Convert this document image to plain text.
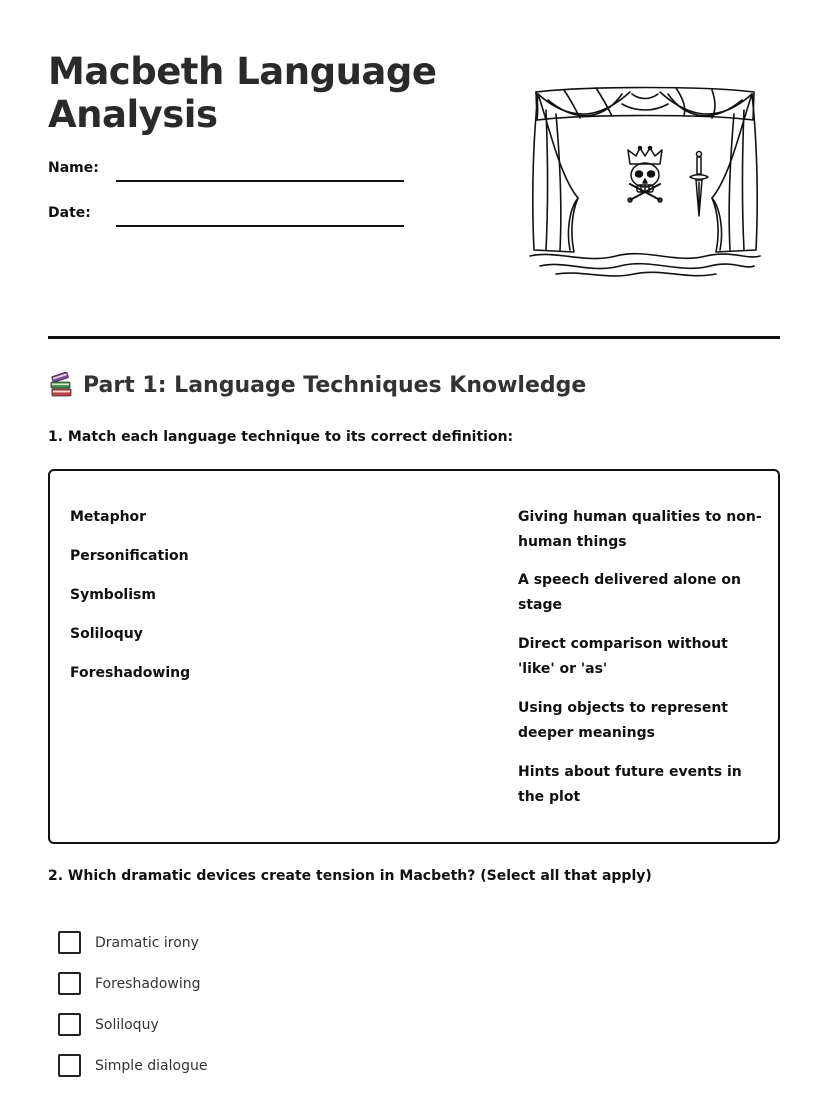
Macbeth Language Analysis
Name:
Date:
Part 1: Language Techniques Knowledge
1. Match each language technique to its correct definition:
Metaphor
Personification
Symbolism
Soliloquy
Foreshadowing
Giving human qualities to non-human things
A speech delivered alone on stage
Direct comparison without 'like' or 'as'
Using objects to represent deeper meanings
Hints about future events in the plot
2. Which dramatic devices create tension in Macbeth? (Select all that apply)
Dramatic irony
Foreshadowing
Soliloquy
Simple dialogue
